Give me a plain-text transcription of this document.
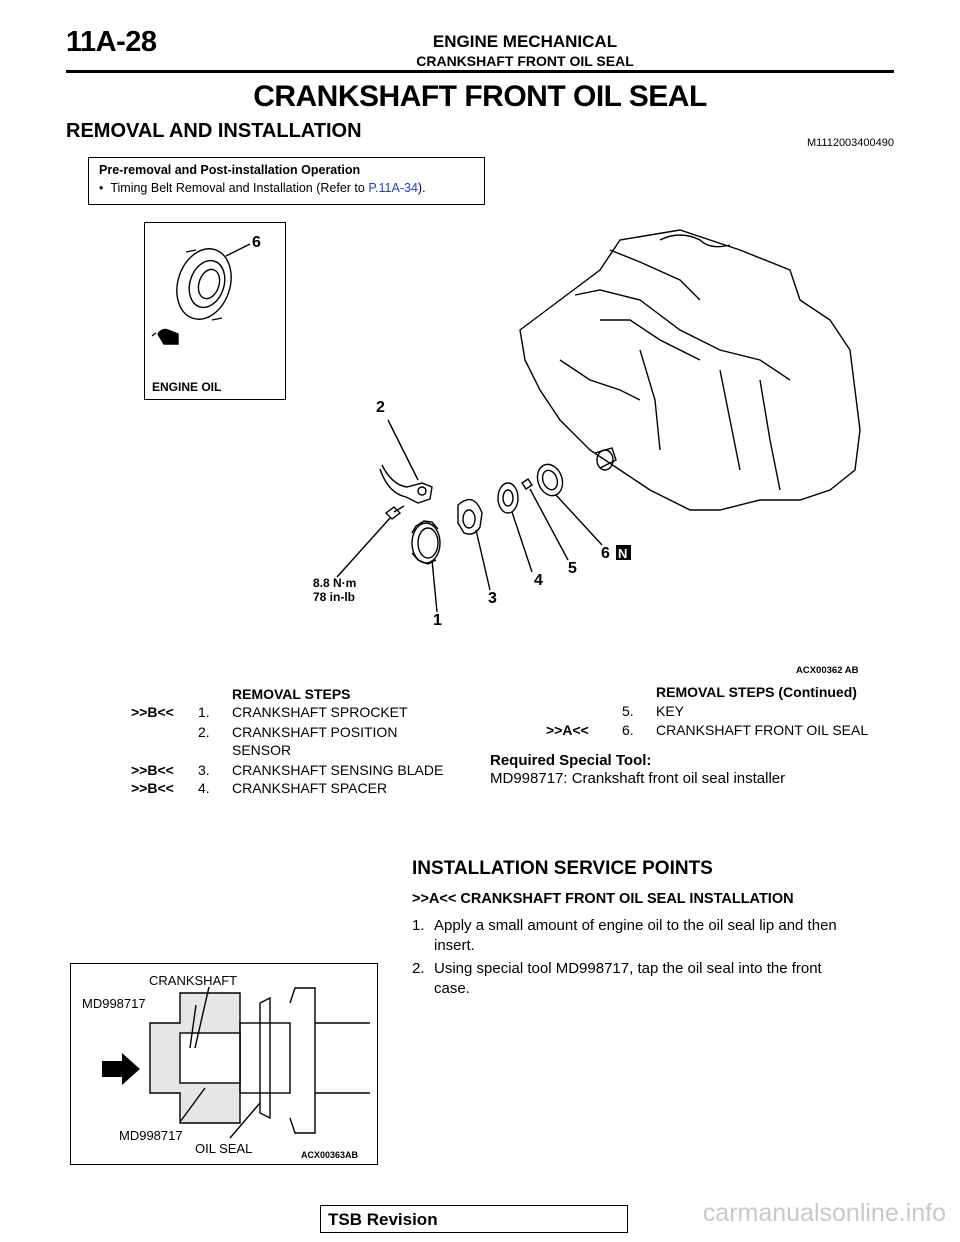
11A-28	ENGINE MECHANICAL
CRANKSHAFT FRONT OIL SEAL
CRANKSHAFT FRONT OIL SEAL
REMOVAL AND INSTALLATION
M1112003400490
Pre-removal and Post-installation Operation
• Timing Belt Removal and Installation (Refer to P.11A-34).
ENGINE OIL
6
1
2
3
4
5
6 N
8.8 N·m
78 in-lb
ACX00362 AB
REMOVAL STEPS
>>B<< 1. CRANKSHAFT SPROCKET
2. CRANKSHAFT POSITION
SENSOR
>>B<< 3. CRANKSHAFT SENSING BLADE
>>B<< 4. CRANKSHAFT SPACER
REMOVAL STEPS (Continued)
5. KEY
>>A<< 6. CRANKSHAFT FRONT OIL SEAL
Required Special Tool:
MD998717: Crankshaft front oil seal installer
INSTALLATION SERVICE POINTS
>>A<< CRANKSHAFT FRONT OIL SEAL INSTALLATION
1. Apply a small amount of engine oil to the oil seal lip and then
insert.
2. Using special tool MD998717, tap the oil seal into the front
case.
CRANKSHAFT
MD998717
MD998717
OIL SEAL	ACX00363AB
TSB Revision	carmanualsonline.info
